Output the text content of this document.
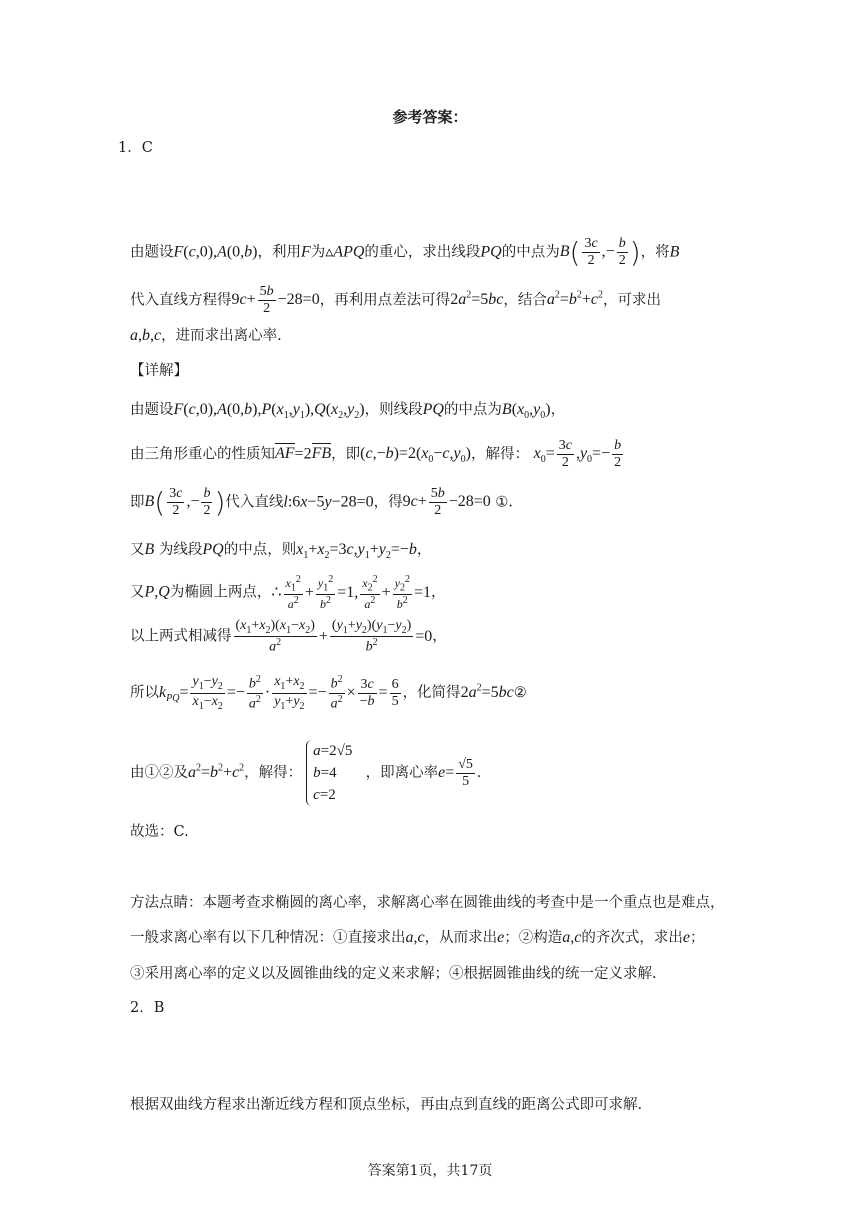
参考答案：
1．C
由题设F(c,0),A(0,b)，利用F为▵APQ的重心，求出线段PQ的中点为$B( \frac{3c}{2}$ ,− $\frac{b}{2}$ )，将B
代入直线方程得$9c+ \frac{5b}{2} -28=0$，再利用点差法可得$2a^2=5bc$，结合$a^2=b^2+c^2$，可求出
a,b,c，进而求出离心率.
【详解】
由题设$F(c,0),A(0,b),P(x_1,y_1),Q(x_2,y_2)$，则线段PQ的中点为$B(x_0,y_0)$，
由三角形重心的性质知AF=2FB，即$(c,-b)=2(x_0-c,y_0)$，解得： $x_0= \frac{3c}{2} ,y_0=- \frac{b}{2}$
即$B( \frac{3c}{2}$ ,− $\frac{b}{2}$ )代入直线l:6x−5y−28=0，得$9c+ \frac{5b}{2} -28=0$ ①.
又B 为线段PQ的中点，则$x_1+x_2=3c,y_1+y_2=-b$，
又P,Q为椭圆上两点，∴ $\frac{x_1^2}{a^2} + \frac{y_1^2}{b^2} =1$, $\frac{x_2^2}{a^2} + \frac{y_2^2}{b^2} =1$，
以上两式相减得 $\frac{(x_1+x_2)(x_1-x_2)}{a^2} + \frac{(y_1+y_2)(y_1-y_2)}{b^2} =0$，
所以$k_{PQ}= \frac{y_1-y_2}{x_1-x_2} =- \frac{b^2}{a^2} \cdot \frac{x_1+x_2}{y_1+y_2} =- \frac{b^2}{a^2} \times \frac{3c}{-b} = \frac{6}{5}$ ，化简得$2a^2=5bc②$
由①②及$a^2=b^2+c^2$，解得：a=2√5
b=4
c=2  ，即离心率$e= \frac{√5}{5}$ .
故选：C.
方法点睛：本题考查求椭圆的离心率，求解离心率在圆锥曲线的考查中是一个重点也是难点，
一般求离心率有以下几种情况：①直接求出a,c，从而求出e；②构造a,c的齐次式，求出e；
③采用离心率的定义以及圆锥曲线的定义来求解；④根据圆锥曲线的统一定义求解.
2．B
根据双曲线方程求出渐近线方程和顶点坐标，再由点到直线的距离公式即可求解.
答案第1页，共17页
